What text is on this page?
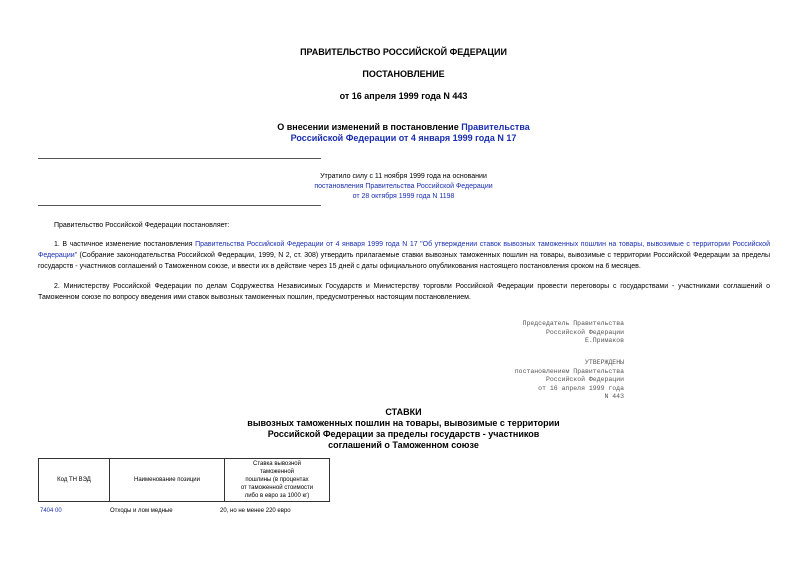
ПРАВИТЕЛЬСТВО РОССИЙСКОЙ ФЕДЕРАЦИИ
ПОСТАНОВЛЕНИЕ
от 16 апреля 1999 года N 443
О внесении изменений в постановление Правительства
Российской Федерации от 4 января 1999 года N 17
Утратило силу с 11 ноября 1999 года на основании
постановления Правительства Российской Федерации
от 28 октября 1999 года N 1198
Правительство Российской Федерации постановляет:
1. В частичное изменение постановления Правительства Российской Федерации от 4 января 1999 года N 17 "Об утверждении ставок вывозных таможенных пошлин на товары, вывозимые с территории Российской Федерации" (Собрание законодательства Российской Федерации, 1999, N 2, ст. 308) утвердить прилагаемые ставки вывозных таможенных пошлин на товары, вывозимые с территории Российской Федерации за пределы государств - участников соглашений о Таможенном союзе, и ввести их в действие через 15 дней с даты официального опубликования настоящего постановления сроком на 6 месяцев.
2. Министерству Российской Федерации по делам Содружества Независимых Государств и Министерству торговли Российской Федерации провести переговоры с государствами - участниками соглашений о Таможенном союзе по вопросу введения ими ставок вывозных таможенных пошлин, предусмотренных настоящим постановлением.
Председатель Правительства
Российской Федерации
Е.Примаков
УТВЕРЖДЕНЫ
постановлением Правительства
Российской Федерации
от 16 апреля 1999 года
N 443
СТАВКИ
вывозных таможенных пошлин на товары, вывозимые с территории
Российской Федерации за пределы государств - участников
соглашений о Таможенном союзе
Код ТН ВЭД	Наименование позиции	Ставка вывозной
таможенной
пошлины (в процентах
от таможенной стоимости
либо в евро за 1000 кг)
7404 00	Отходы и лом медные	20, но не менее 220 евро
